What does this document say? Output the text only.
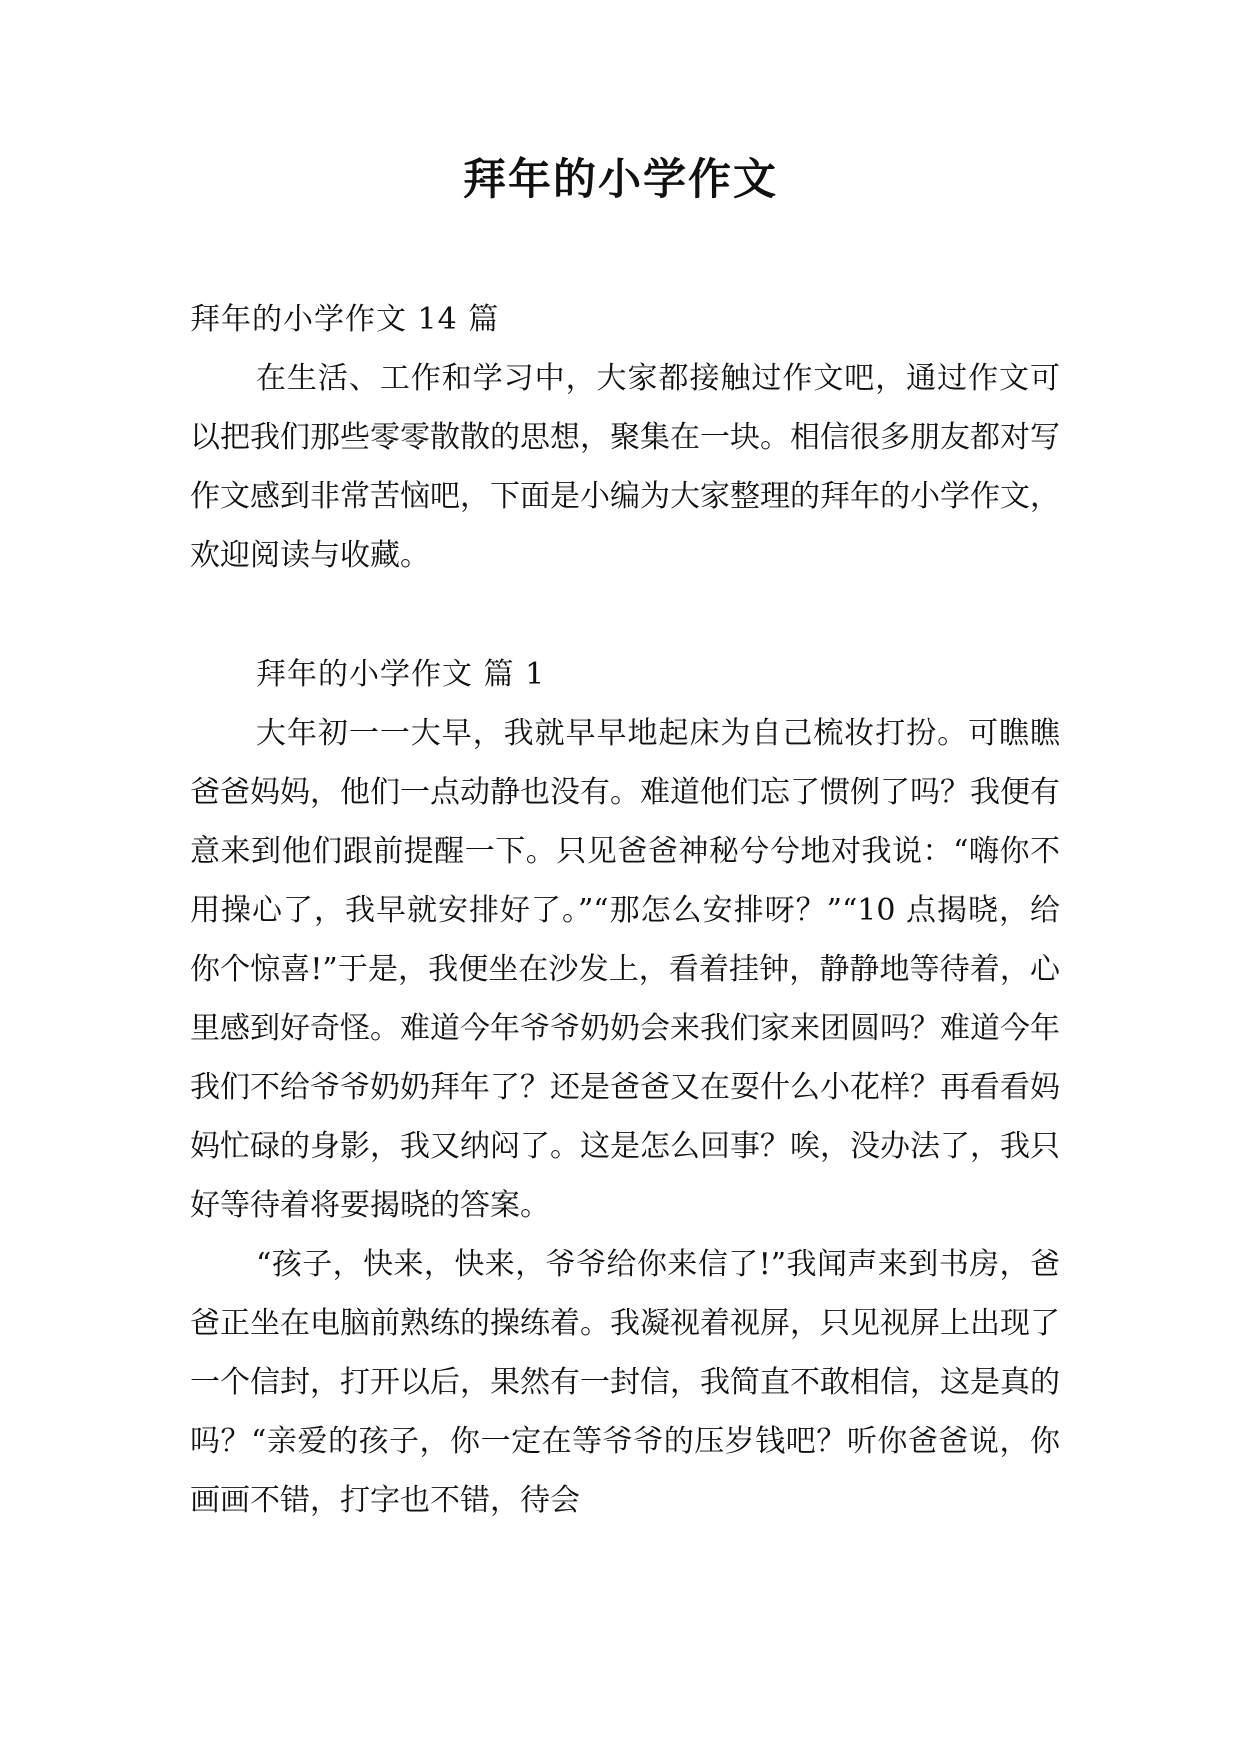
拜年的小学作文

拜年的小学作文 14 篇

在生活、工作和学习中，大家都接触过作文吧，通过作文可以把我们那些零零散散的思想，聚集在一块。相信很多朋友都对写作文感到非常苦恼吧，下面是小编为大家整理的拜年的小学作文，欢迎阅读与收藏。

拜年的小学作文 篇 1

大年初一一大早，我就早早地起床为自己梳妆打扮。可瞧瞧爸爸妈妈，他们一点动静也没有。难道他们忘了惯例了吗？我便有意来到他们跟前提醒一下。只见爸爸神秘兮兮地对我说：“嗨你不用操心了，我早就安排好了。”“那怎么安排呀？”“10 点揭晓，给你个惊喜!”于是，我便坐在沙发上，看着挂钟，静静地等待着，心里感到好奇怪。难道今年爷爷奶奶会来我们家来团圆吗？难道今年我们不给爷爷奶奶拜年了？还是爸爸又在耍什么小花样？再看看妈妈忙碌的身影，我又纳闷了。这是怎么回事？唉，没办法了，我只好等待着将要揭晓的答案。

“孩子，快来，快来，爷爷给你来信了!”我闻声来到书房，爸爸正坐在电脑前熟练的操练着。我凝视着视屏，只见视屏上出现了一个信封，打开以后，果然有一封信，我简直不敢相信，这是真的吗？“亲爱的孩子，你一定在等爷爷的压岁钱吧？听你爸爸说，你画画不错，打字也不错，待会
